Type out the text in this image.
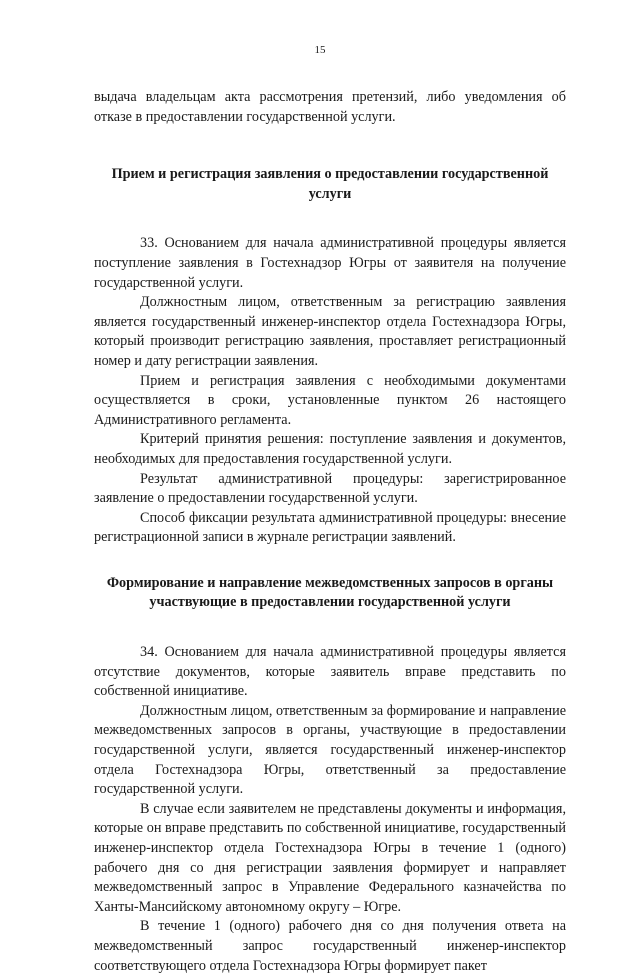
15

выдача владельцам акта рассмотрения претензий, либо уведомления об отказе в предоставлении государственной услуги.

Прием и регистрация заявления о предоставлении государственной услуги

33. Основанием для начала административной процедуры является поступление заявления в Гостехнадзор Югры от заявителя на получение государственной услуги.

Должностным лицом, ответственным за регистрацию заявления является государственный инженер-инспектор отдела Гостехнадзора Югры, который производит регистрацию заявления, проставляет регистрационный номер и дату регистрации заявления.

Прием и регистрация заявления с необходимыми документами осуществляется в сроки, установленные пунктом 26 настоящего Административного регламента.

Критерий принятия решения: поступление заявления и документов, необходимых для предоставления государственной услуги.

Результат административной процедуры: зарегистрированное заявление о предоставлении государственной услуги.

Способ фиксации результата административной процедуры: внесение регистрационной записи в журнале регистрации заявлений.

Формирование и направление межведомственных запросов в органы участвующие в предоставлении государственной услуги

34. Основанием для начала административной процедуры является отсутствие документов, которые заявитель вправе представить по собственной инициативе.

Должностным лицом, ответственным за формирование и направление межведомственных запросов в органы, участвующие в предоставлении государственной услуги, является государственный инженер-инспектор отдела Гостехнадзора Югры, ответственный за предоставление государственной услуги.

В случае если заявителем не представлены документы и информация, которые он вправе представить по собственной инициативе, государственный инженер-инспектор отдела Гостехнадзора Югры в течение 1 (одного) рабочего дня со дня регистрации заявления формирует и направляет межведомственный запрос в Управление Федерального казначейства по Ханты-Мансийскому автономному округу – Югре.

В течение 1 (одного) рабочего дня со дня получения ответа на межведомственный запрос государственный инженер-инспектор соответствующего отдела Гостехнадзора Югры формирует пакет
